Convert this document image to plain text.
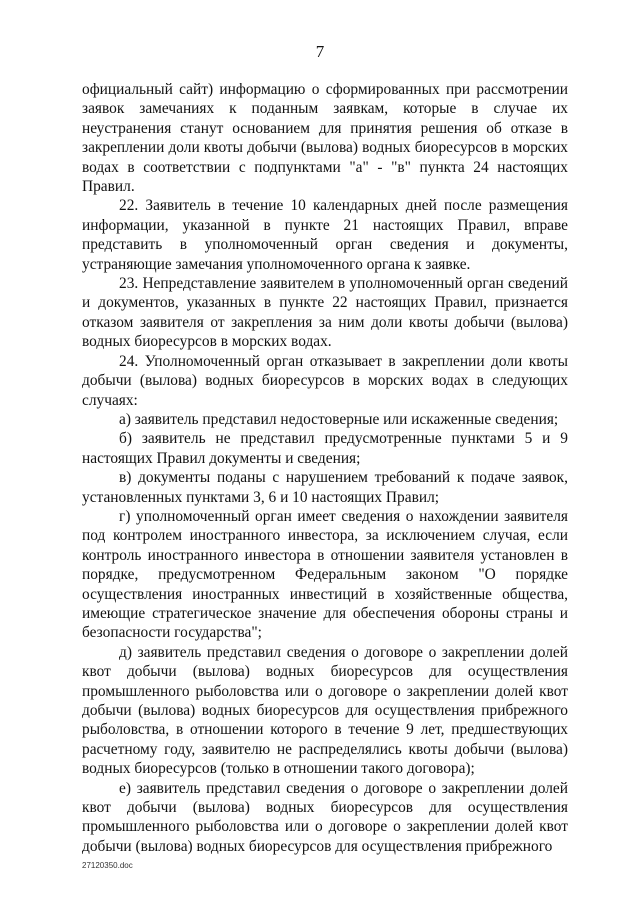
7

официальный сайт) информацию о сформированных при рассмотрении заявок замечаниях к поданным заявкам, которые в случае их неустранения станут основанием для принятия решения об отказе в закреплении доли квоты добычи (вылова) водных биоресурсов в морских водах в соответствии с подпунктами "а" - "в" пункта 24 настоящих Правил.

22. Заявитель в течение 10 календарных дней после размещения информации, указанной в пункте 21 настоящих Правил, вправе представить в уполномоченный орган сведения и документы, устраняющие замечания уполномоченного органа к заявке.

23. Непредставление заявителем в уполномоченный орган сведений и документов, указанных в пункте 22 настоящих Правил, признается отказом заявителя от закрепления за ним доли квоты добычи (вылова) водных биоресурсов в морских водах.

24. Уполномоченный орган отказывает в закреплении доли квоты добычи (вылова) водных биоресурсов в морских водах в следующих случаях:

а) заявитель представил недостоверные или искаженные сведения;

б) заявитель не представил предусмотренные пунктами 5 и 9 настоящих Правил документы и сведения;

в) документы поданы с нарушением требований к подаче заявок, установленных пунктами 3, 6 и 10 настоящих Правил;

г) уполномоченный орган имеет сведения о нахождении заявителя под контролем иностранного инвестора, за исключением случая, если контроль иностранного инвестора в отношении заявителя установлен в порядке, предусмотренном Федеральным законом "О порядке осуществления иностранных инвестиций в хозяйственные общества, имеющие стратегическое значение для обеспечения обороны страны и безопасности государства";

д) заявитель представил сведения о договоре о закреплении долей квот добычи (вылова) водных биоресурсов для осуществления промышленного рыболовства или о договоре о закреплении долей квот добычи (вылова) водных биоресурсов для осуществления прибрежного рыболовства, в отношении которого в течение 9 лет, предшествующих расчетному году, заявителю не распределялись квоты добычи (вылова) водных биоресурсов (только в отношении такого договора);

е) заявитель представил сведения о договоре о закреплении долей квот добычи (вылова) водных биоресурсов для осуществления промышленного рыболовства или о договоре о закреплении долей квот добычи (вылова) водных биоресурсов для осуществления прибрежного

27120350.doc
